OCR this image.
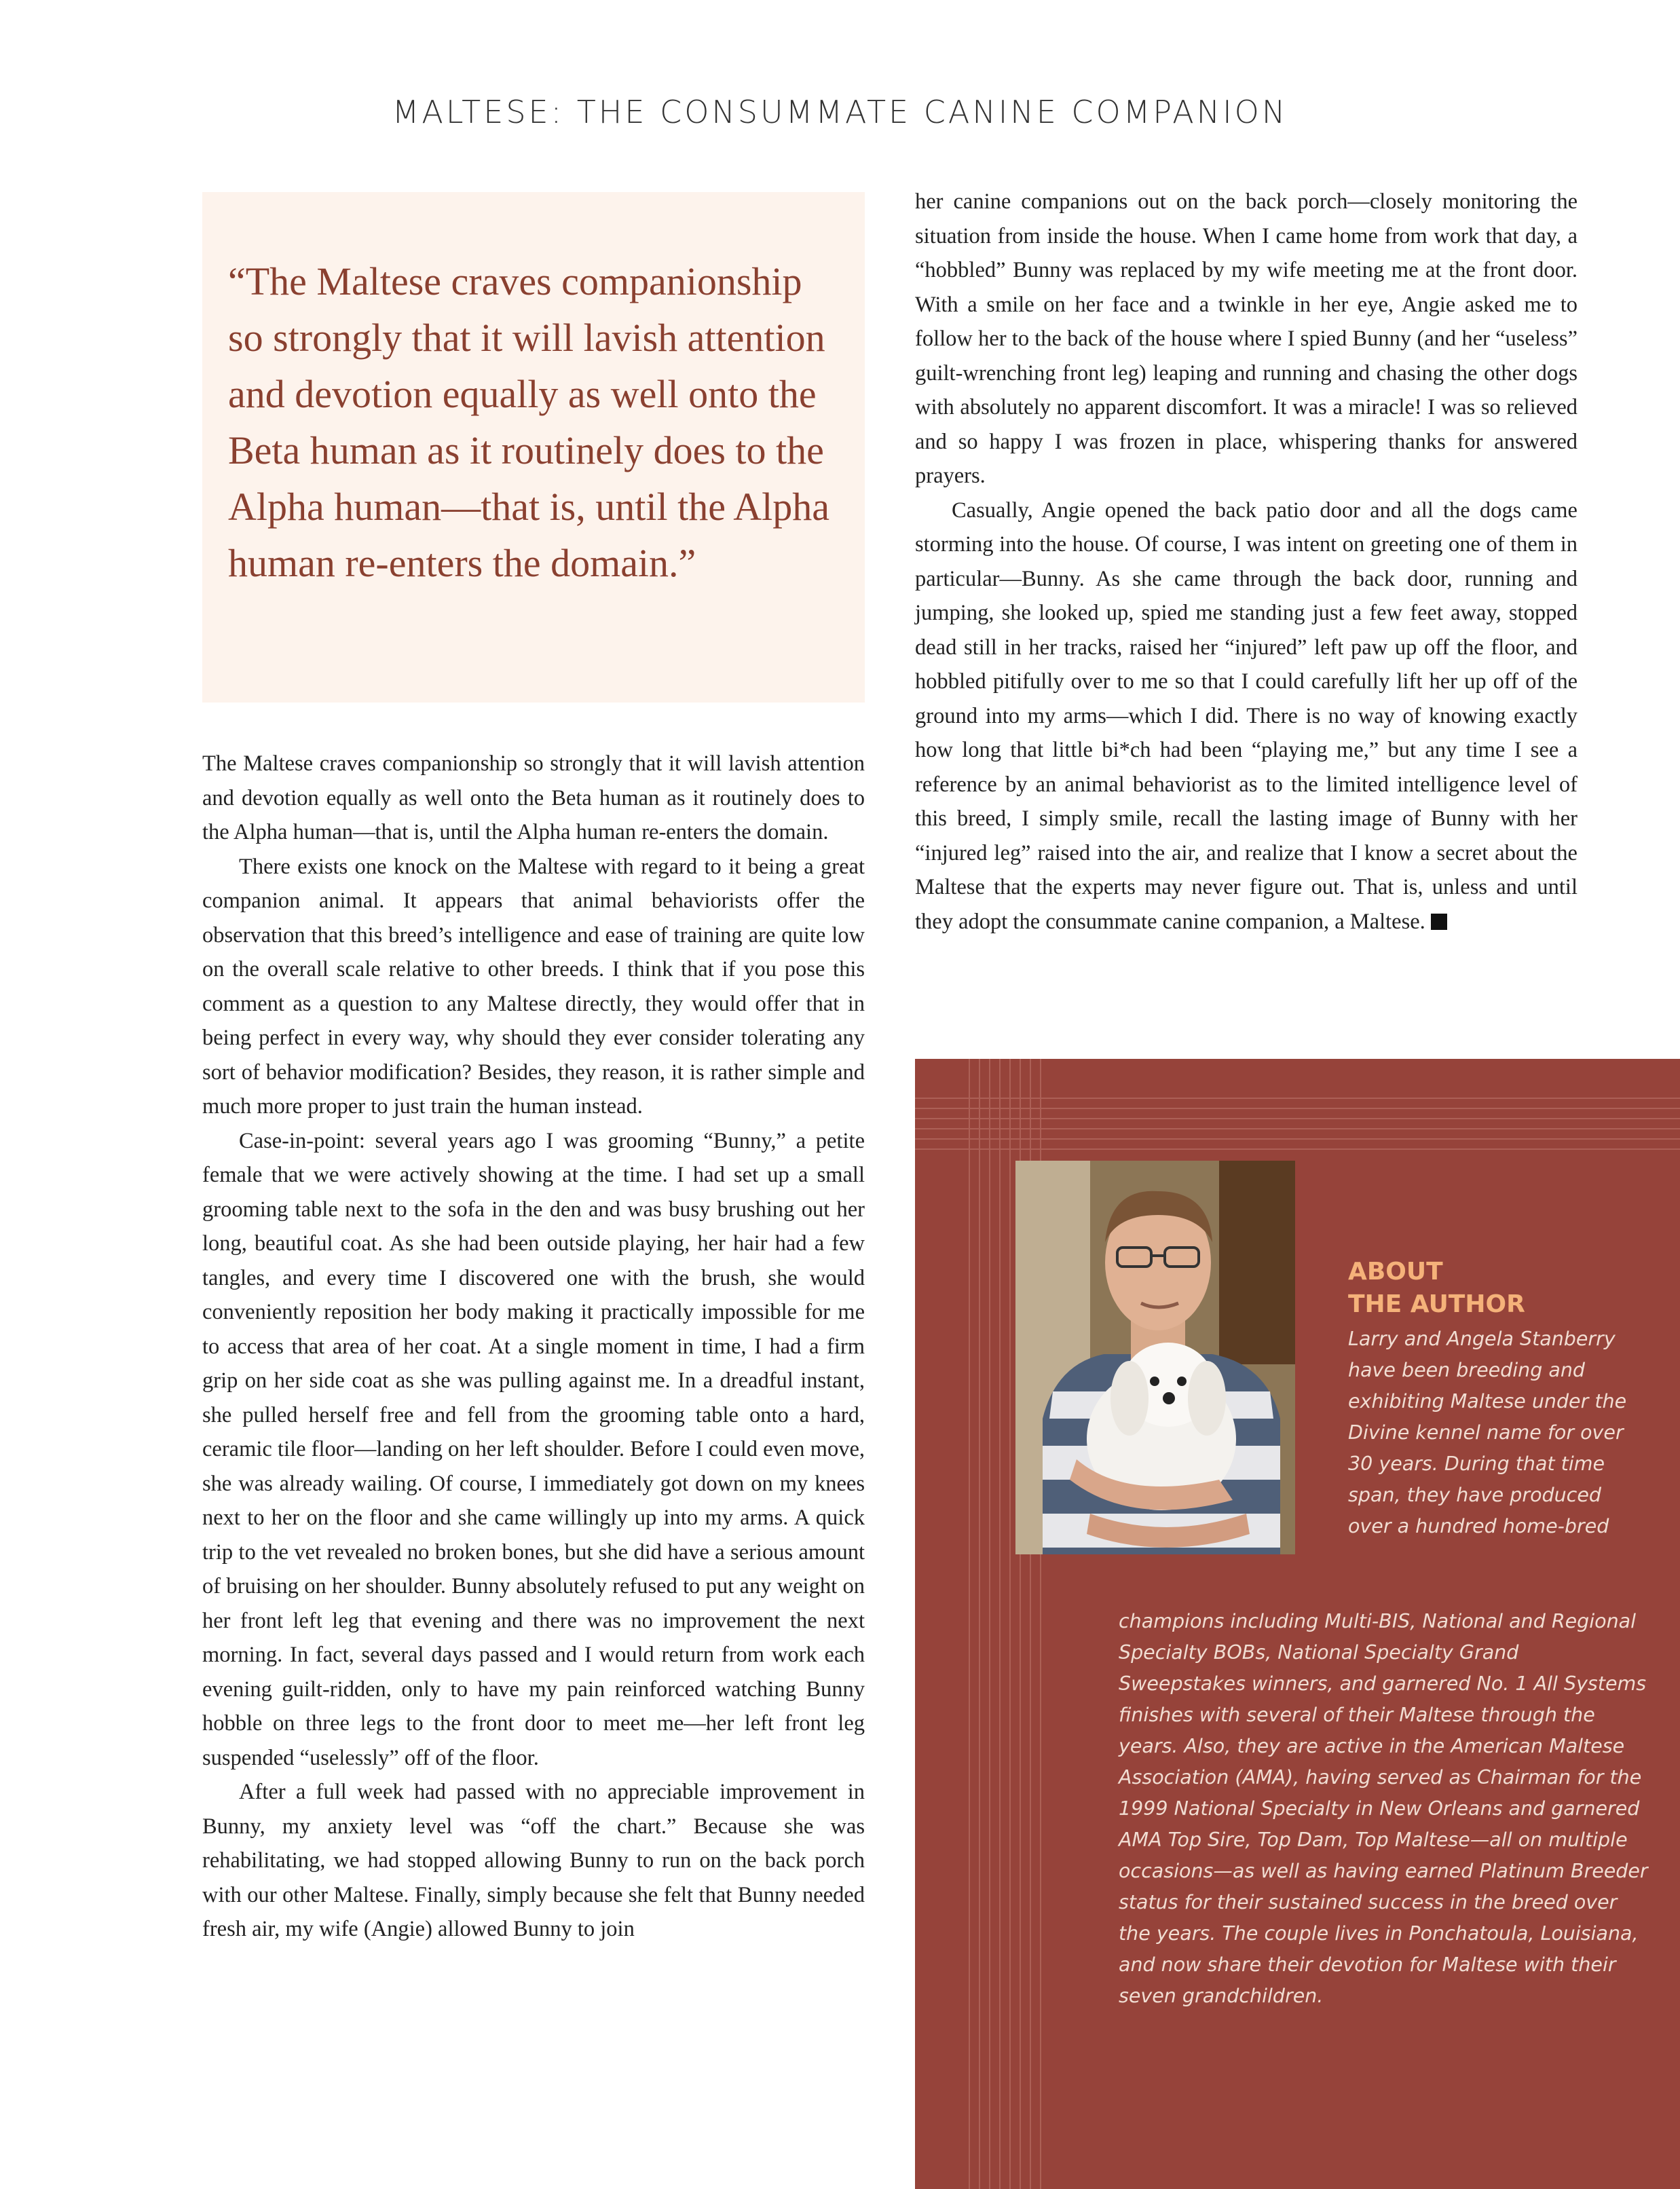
MALTESE: THE CONSUMMATE CANINE COMPANION

“The Maltese craves companionship so strongly that it will lavish attention and devotion equally as well onto the Beta human as it routinely does to the Alpha human—that is, until the Alpha human re-enters the domain.”

The Maltese craves companionship so strongly that it will lavish attention and devotion equally as well onto the Beta human as it routinely does to the Alpha human—that is, until the Alpha human re-enters the domain.

There exists one knock on the Maltese with regard to it being a great companion animal. It appears that animal behaviorists offer the observation that this breed’s intelligence and ease of training are quite low on the overall scale relative to other breeds. I think that if you pose this comment as a question to any Maltese directly, they would offer that in being perfect in every way, why should they ever consider tolerating any sort of behavior modification? Besides, they reason, it is rather simple and much more proper to just train the human instead.

Case-in-point: several years ago I was grooming “Bunny,” a petite female that we were actively showing at the time. I had set up a small grooming table next to the sofa in the den and was busy brushing out her long, beautiful coat. As she had been outside playing, her hair had a few tangles, and every time I discovered one with the brush, she would conveniently reposition her body making it practically impossible for me to access that area of her coat. At a single moment in time, I had a firm grip on her side coat as she was pulling against me. In a dreadful instant, she pulled herself free and fell from the grooming table onto a hard, ceramic tile floor—landing on her left shoulder. Before I could even move, she was already wailing. Of course, I immediately got down on my knees next to her on the floor and she came willingly up into my arms. A quick trip to the vet revealed no broken bones, but she did have a serious amount of bruising on her shoulder. Bunny absolutely refused to put any weight on her front left leg that evening and there was no improvement the next morning. In fact, several days passed and I would return from work each evening guilt-ridden, only to have my pain reinforced watching Bunny hobble on three legs to the front door to meet me—her left front leg suspended “uselessly” off of the floor.

After a full week had passed with no appreciable improvement in Bunny, my anxiety level was “off the chart.” Because she was rehabilitating, we had stopped allowing Bunny to run on the back porch with our other Maltese. Finally, simply because she felt that Bunny needed fresh air, my wife (Angie) allowed Bunny to join

her canine companions out on the back porch—closely monitoring the situation from inside the house. When I came home from work that day, a “hobbled” Bunny was replaced by my wife meeting me at the front door. With a smile on her face and a twinkle in her eye, Angie asked me to follow her to the back of the house where I spied Bunny (and her “useless” guilt-wrenching front leg) leaping and running and chasing the other dogs with absolutely no apparent discomfort. It was a miracle! I was so relieved and so happy I was frozen in place, whispering thanks for answered prayers.

Casually, Angie opened the back patio door and all the dogs came storming into the house. Of course, I was intent on greeting one of them in particular—Bunny. As she came through the back door, running and jumping, she looked up, spied me standing just a few feet away, stopped dead still in her tracks, raised her “injured” left paw up off the floor, and hobbled pitifully over to me so that I could carefully lift her up off of the ground into my arms—which I did. There is no way of knowing exactly how long that little bi*ch had been “playing me,” but any time I see a reference by an animal behaviorist as to the limited intelligence level of this breed, I simply smile, recall the lasting image of Bunny with her “injured leg” raised into the air, and realize that I know a secret about the Maltese that the experts may never figure out. That is, unless and until they adopt the consummate canine companion, a Maltese.

ABOUT
THE AUTHOR

Larry and Angela Stanberry have been breeding and exhibiting Maltese under the Divine kennel name for over 30 years. During that time span, they have produced over a hundred home-bred

champions including Multi-BIS, National and Regional Specialty BOBs, National Specialty Grand Sweepstakes winners, and garnered No. 1 All Systems finishes with several of their Maltese through the years. Also, they are active in the American Maltese Association (AMA), having served as Chairman for the 1999 National Specialty in New Orleans and garnered AMA Top Sire, Top Dam, Top Maltese—all on multiple occasions—as well as having earned Platinum Breeder status for their sustained success in the breed over the years. The couple lives in Ponchatoula, Louisiana, and now share their devotion for Maltese with their seven grandchildren.
